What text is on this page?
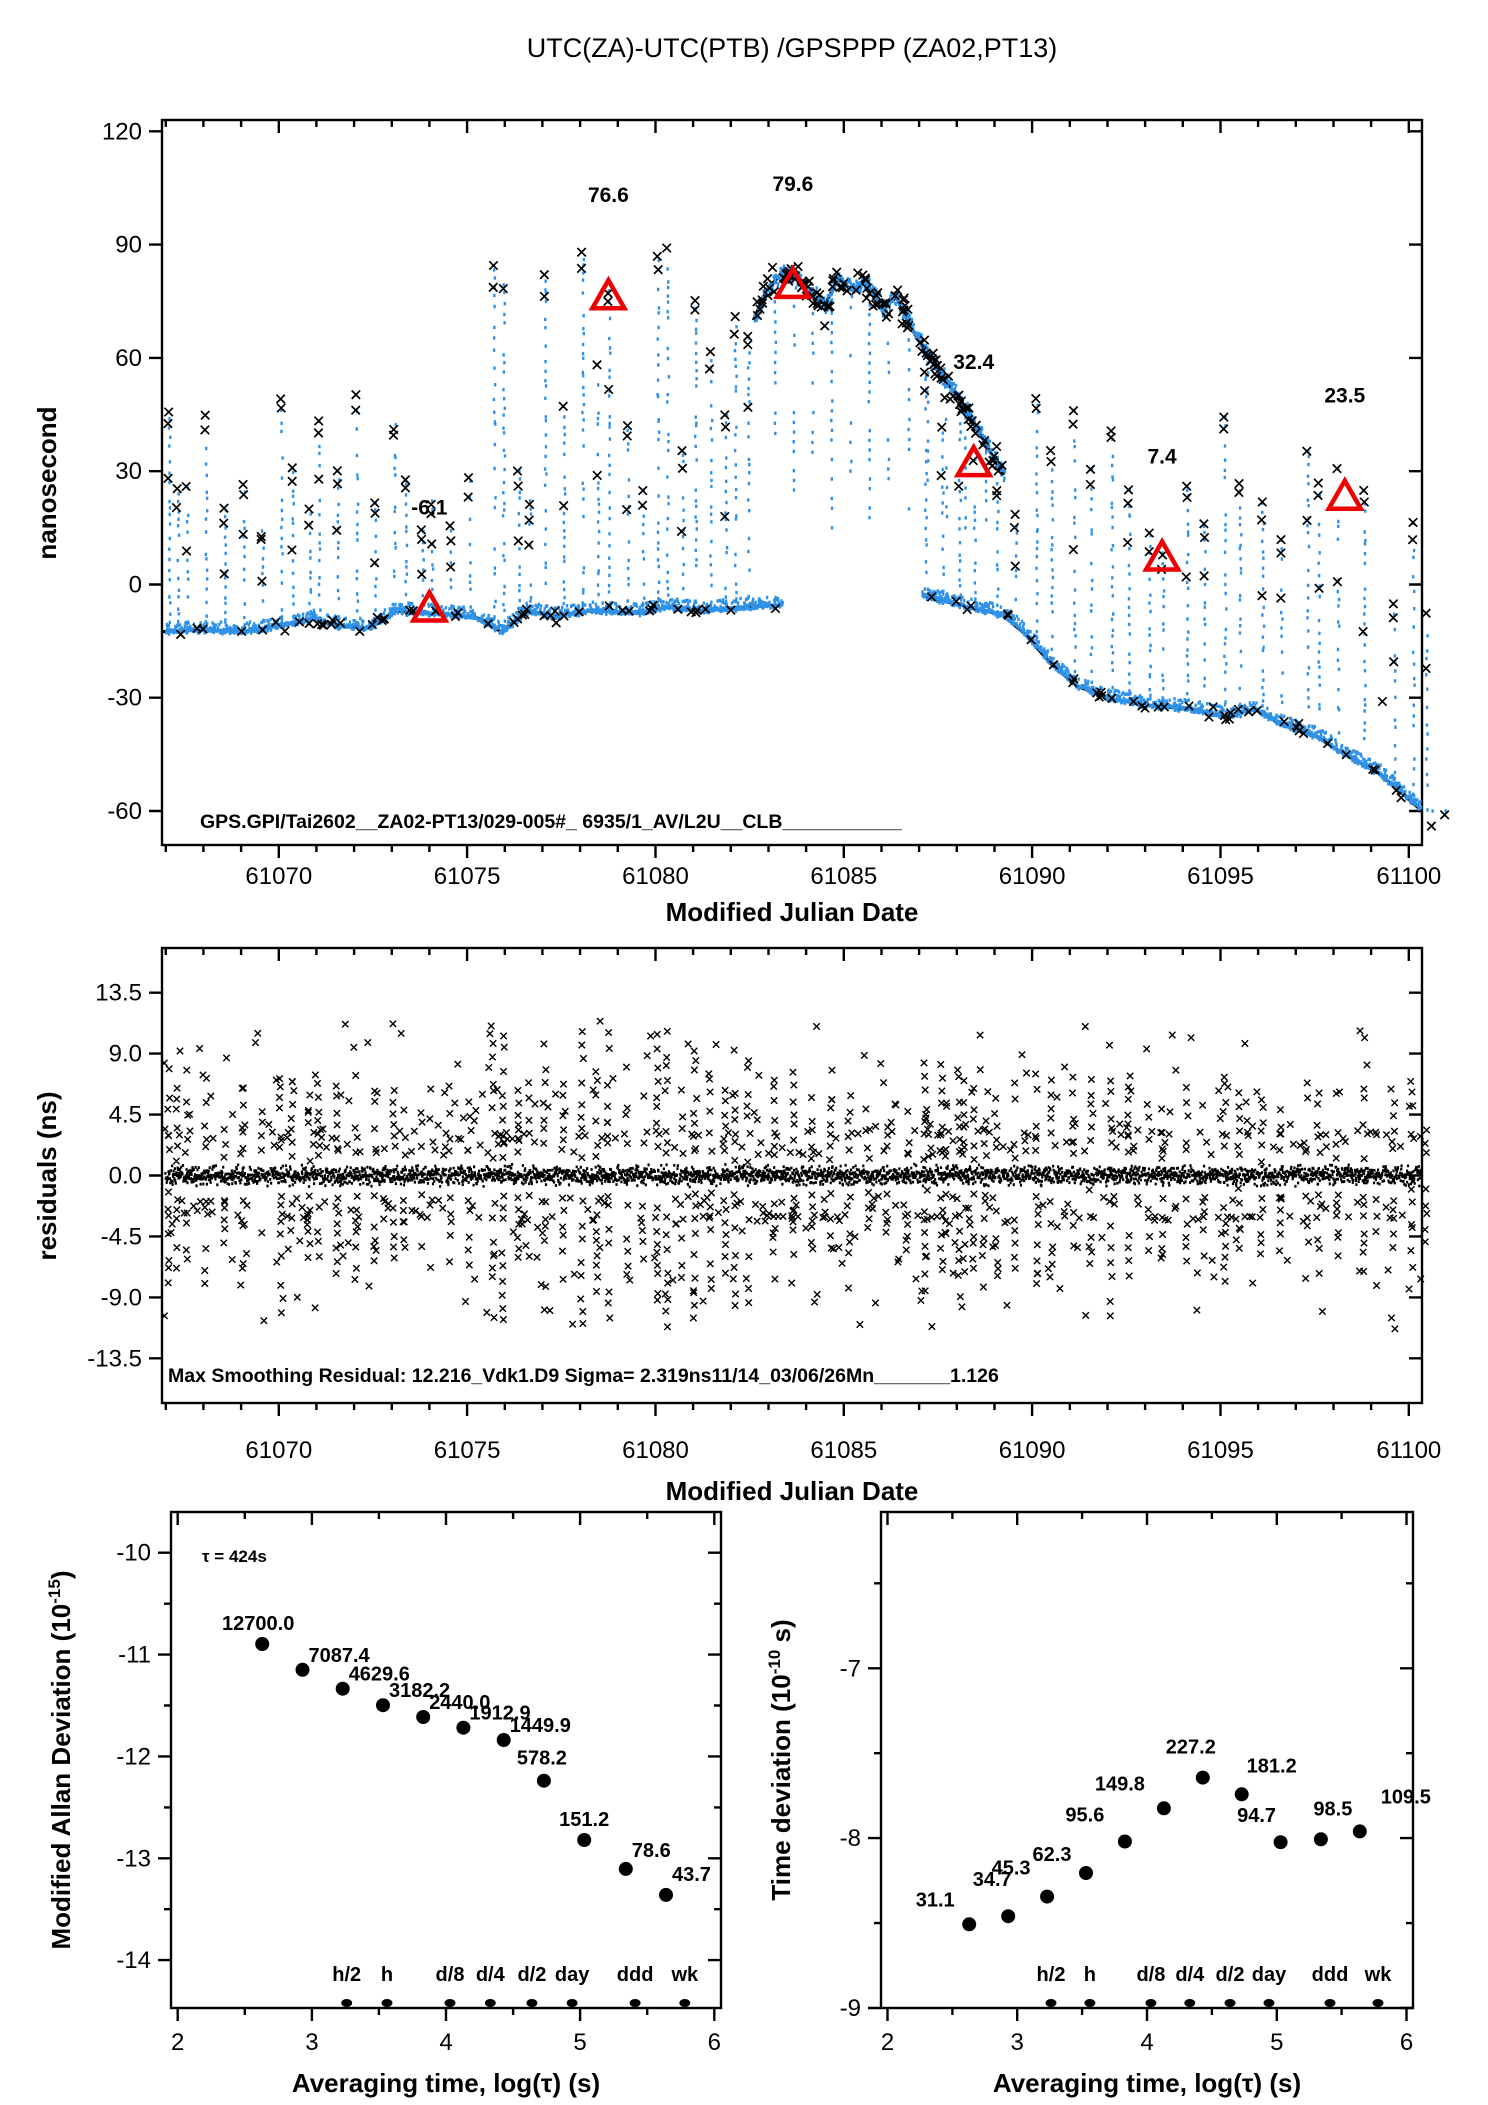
UTC(ZA)-UTC(PTB) /GPSPPP (ZA02,PT13)
nanosecond
Modified Julian Date
GPS.GPI/Tai2602__ZA02-PT13/029-005#_ 6935/1_AV/L2U__CLB___________
residuals (ns)
Modified Julian Date
Max Smoothing Residual: 12.216_Vdk1.D9 Sigma= 2.319ns11/14_03/06/26Mn_______1.126
Modified Allan Deviation $(10^{-15})$
Averaging time, log(τ) (s)
τ = 424s
Time deviation ($10^{-10}$ s)
Averaging time, log(τ) (s)
61070	61075	61080	61085	61090	61095	61100
120
90
60
30
0
-30
-60
-6.1
76.6	79.6
32.4
7.4
23.5
61070	61075	61080	61085	61090	61095	61100
13.5
9.0
4.5
0.0
-4.5
-9.0
-13.5
2	3	4	5	6
-10
-11
-12
-13
-14
12700.0
7087.4
4629.6
3182.2
2440.0
1912.9
1449.9
578.2
151.2
78.6
43.7
h/2 h d/8 d/4 d/2 day ddd wk
2	3	4	5	6
-7
-8
-9
31.1
34.7
45.3
62.3
95.6
149.8
227.2
181.2
94.7 98.5
109.5
h/2 h d/8 d/4 d/2 day ddd wk
